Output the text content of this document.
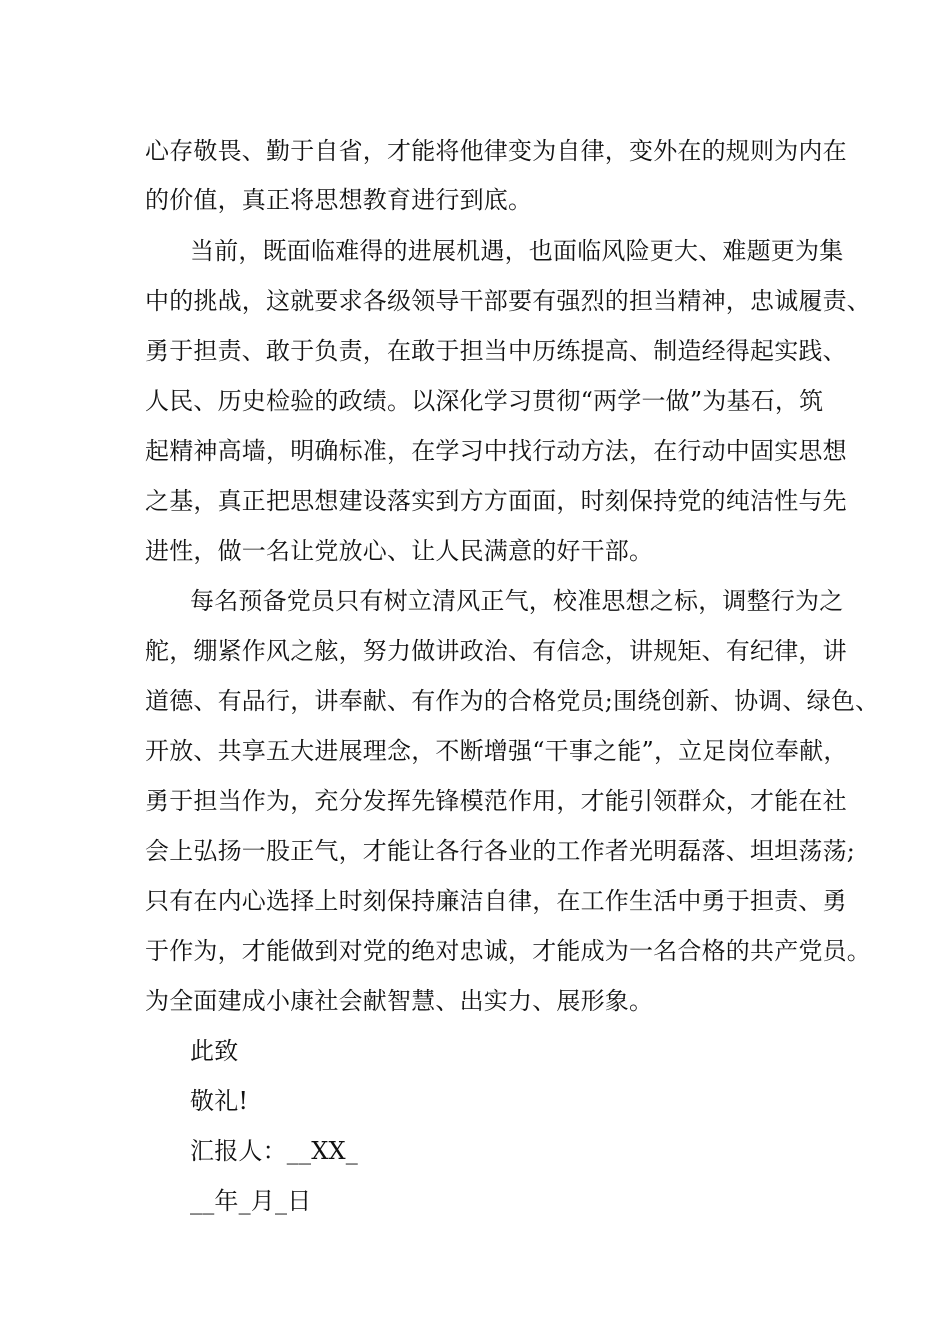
心存敬畏、勤于自省，才能将他律变为自律，变外在的规则为内在
的价值，真正将思想教育进行到底。
当前，既面临难得的进展机遇，也面临风险更大、难题更为集
中的挑战，这就要求各级领导干部要有强烈的担当精神，忠诚履责、
勇于担责、敢于负责，在敢于担当中历练提高、制造经得起实践、
人民、历史检验的政绩。以深化学习贯彻“两学一做”为基石，筑
起精神高墙，明确标准，在学习中找行动方法，在行动中固实思想
之基，真正把思想建设落实到方方面面，时刻保持党的纯洁性与先
进性，做一名让党放心、让人民满意的好干部。
每名预备党员只有树立清风正气，校准思想之标，调整行为之
舵，绷紧作风之舷，努力做讲政治、有信念，讲规矩、有纪律，讲
道德、有品行，讲奉献、有作为的合格党员;围绕创新、协调、绿色、
开放、共享五大进展理念，不断增强“干事之能”，立足岗位奉献，
勇于担当作为，充分发挥先锋模范作用，才能引领群众，才能在社
会上弘扬一股正气，才能让各行各业的工作者光明磊落、坦坦荡荡;
只有在内心选择上时刻保持廉洁自律，在工作生活中勇于担责、勇
于作为，才能做到对党的绝对忠诚，才能成为一名合格的共产党员。
为全面建成小康社会献智慧、出实力、展形象。
此致
敬礼!
汇报人：__XX_
__年_月_日
